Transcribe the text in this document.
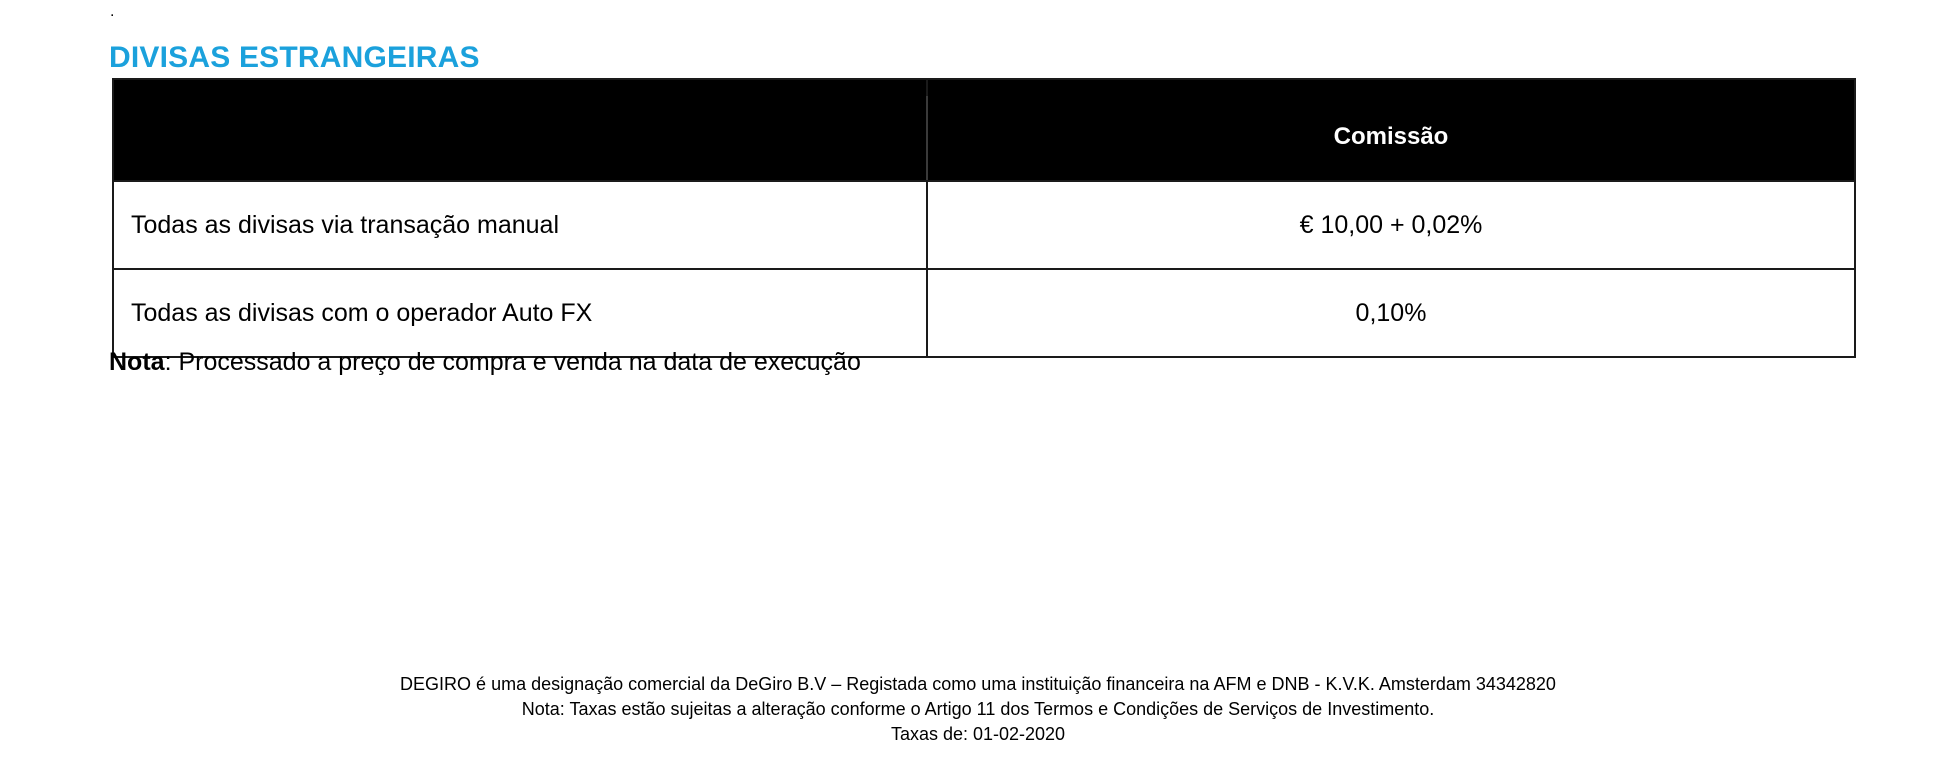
.
DIVISAS ESTRANGEIRAS
	Comissão
Todas as divisas via transação manual	€ 10,00 + 0,02%
Todas as divisas com o operador Auto FX	0,10%

Nota: Processado a preço de compra e venda na data de execução

DEGIRO é uma designação comercial da DeGiro B.V – Registada como uma instituição financeira na AFM e DNB - K.V.K. Amsterdam 34342820
Nota: Taxas estão sujeitas a alteração conforme o Artigo 11 dos Termos e Condições de Serviços de Investimento.
Taxas de: 01-02-2020
